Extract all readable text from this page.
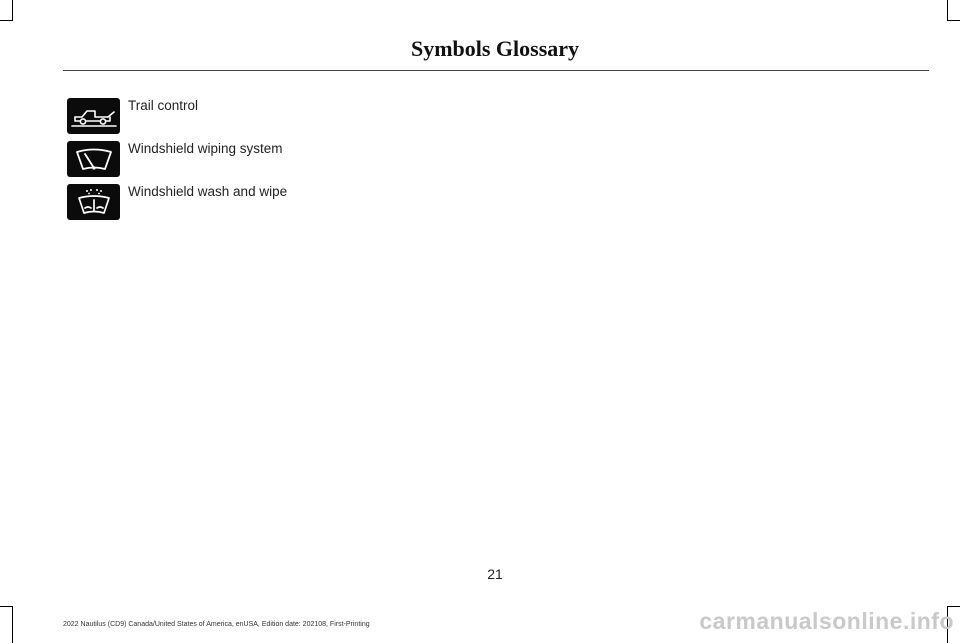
Symbols Glossary
Trail control
Windshield wiping system
Windshield wash and wipe
21
2022 Nautilus (CD9) Canada/United States of America, enUSA, Edition date: 202108, First-Printing	carmanualsonline.info
